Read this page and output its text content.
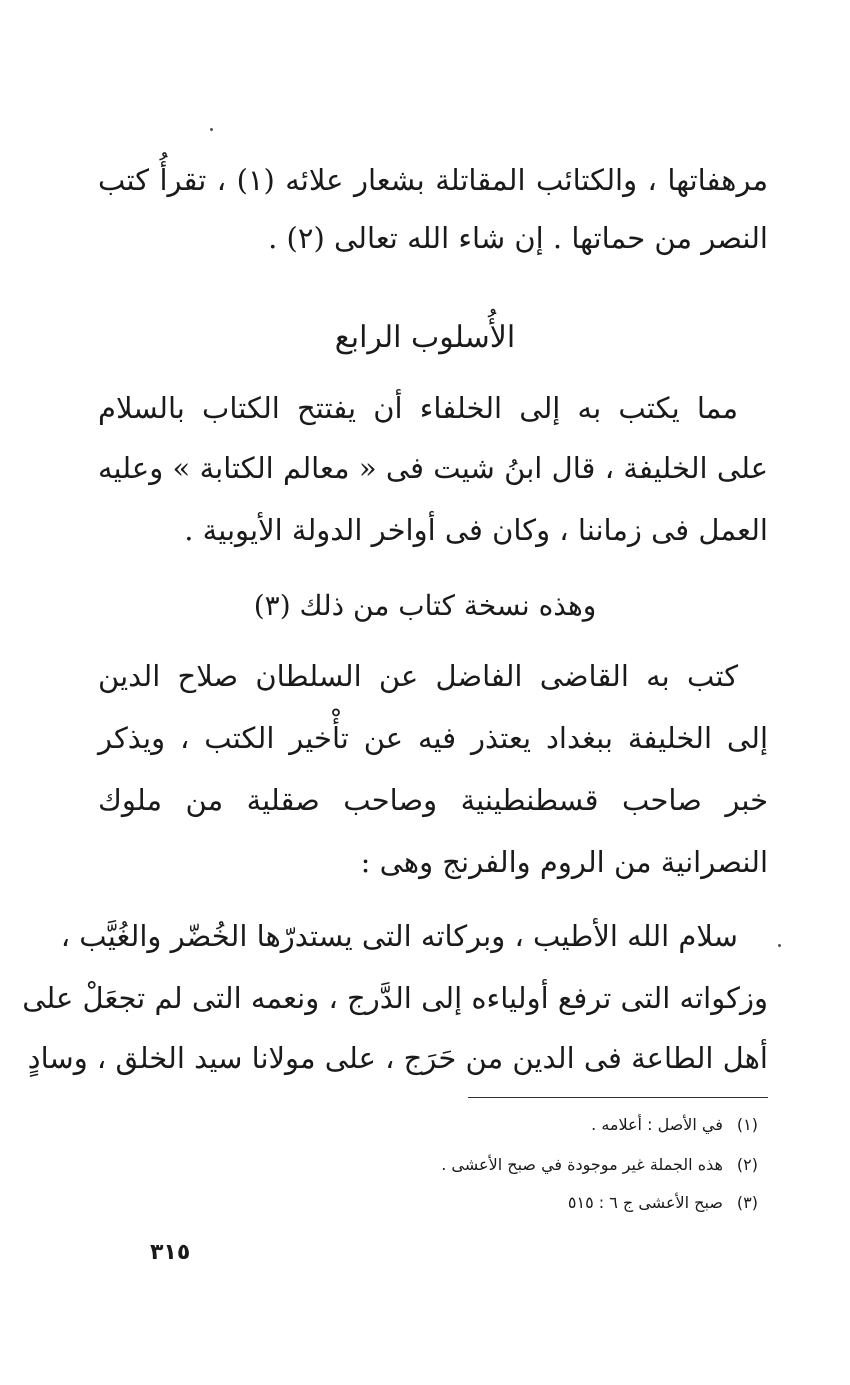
مرهفاتها ، والكتائب المقاتلة بشعار علائه (١) ، تقرأُ كتب
النصر من حماتها . إن شاء الله تعالى (٢) .
الأُسلوب الرابع
مما يكتب به إلى الخلفاء أن يفتتح الكتاب بالسلام
على الخليفة ، قال ابنُ شيت فى « معالم الكتابة » وعليه
العمل فى زماننا ، وكان فى أواخر الدولة الأيوبية .
وهذه نسخة كتاب من ذلك (٣)
كتب به القاضى الفاضل عن السلطان صلاح الدين
إلى الخليفة ببغداد يعتذر فيه عن تأْخير الكتب ، ويذكر
خبر صاحب قسطنطينية وصاحب صقلية من ملوك
النصرانية من الروم والفرنج وهى :
سلام الله الأطيب ، وبركاته التى يستدرّها الخُضّر والغُيَّب ،
وزكواته التى ترفع أولياءه إلى الدَّرج ، ونعمه التى لم تجعَلْ على
أهل الطاعة فى الدين من حَرَج ، على مولانا سيد الخلق ، وسادٍ
(١)في الأصل : أعلامه .
(٢)هذه الجملة غير موجودة في صبح الأعشى .
(٣)صبح الأعشى ج ٦ : ٥١٥
٣١٥
